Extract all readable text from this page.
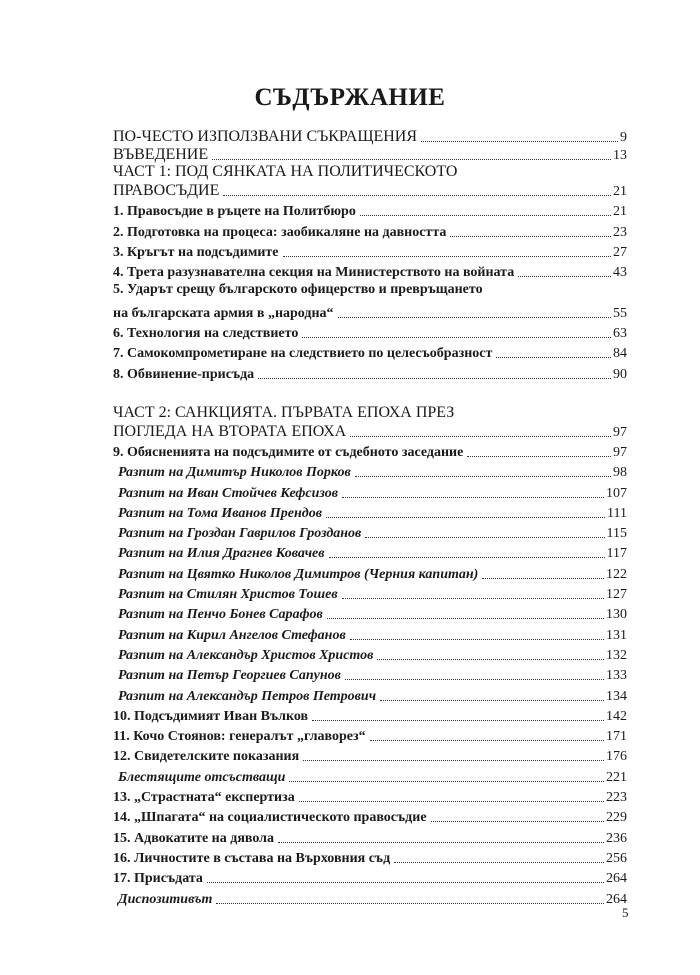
СЪДЪРЖАНИЕ
ПО-ЧЕСТО ИЗПОЛЗВАНИ СЪКРАЩЕНИЯ	9
ВЪВЕДЕНИЕ	13
ЧАСТ 1: ПОД СЯНКАТА НА ПОЛИТИЧЕСКОТО
ПРАВОСЪДИЕ	21
1. Правосъдие в ръцете на Политбюро	21
2. Подготовка на процеса: заобикаляне на давността	23
3. Кръгът на подсъдимите	27
4. Трета разузнавателна секция на Министерството на войната	43
5. Ударът срещу българското офицерство и превръщането
на българската армия в „народна“	55
6. Технология на следствието	63
7. Самокомпрометиране на следствието по целесъобразност	84
8. Обвинение-присъда	90
ЧАСТ 2: САНКЦИЯТА. ПЪРВАТА ЕПОХА ПРЕЗ
ПОГЛЕДА НА ВТОРАТА ЕПОХА	97
9. Обясненията на подсъдимите от съдебното заседание	97
Разпит на Димитър Николов Порков	98
Разпит на Иван Стойчев Кефсизов	107
Разпит на Тома Иванов Прендов	111
Разпит на Гроздан Гаврилов Грозданов	115
Разпит на Илия Драгнев Ковачев	117
Разпит на Цвятко Николов Димитров (Черния капитан)	122
Разпит на Стилян Христов Тошев	127
Разпит на Пенчо Бонев Сарафов	130
Разпит на Кирил Ангелов Стефанов	131
Разпит на Александър Христов Христов	132
Разпит на Петър Георгиев Сапунов	133
Разпит на Александър Петров Петрович	134
10. Подсъдимият Иван Вълков	142
11. Кочо Стоянов: генералът „главорез“	171
12. Свидетелските показания	176
Блестящите отсъстващи	221
13. „Страстната“ експертиза	223
14. „Шпагата“ на социалистическото правосъдие	229
15. Адвокатите на дявола	236
16. Личностите в състава на Върховния съд	256
17. Присъдата	264
Диспозитивът	264
5
